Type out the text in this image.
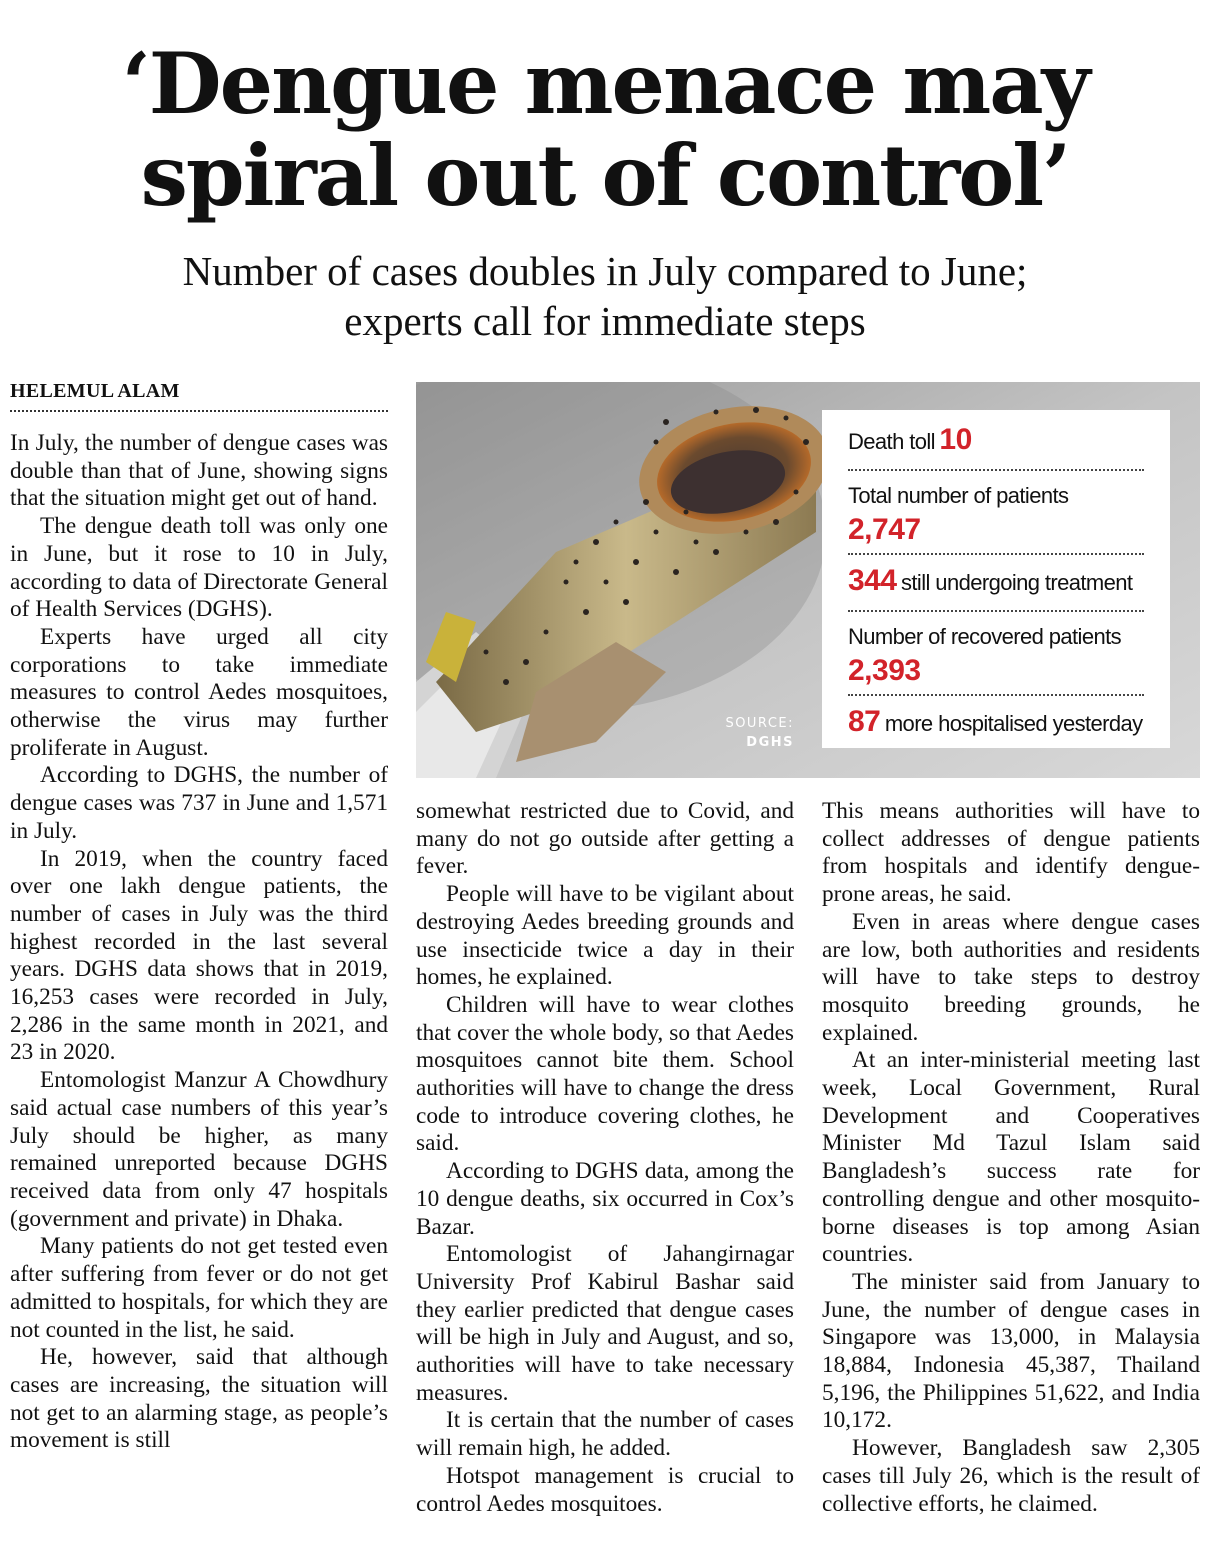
‘Dengue menace may
spiral out of control’
Number of cases doubles in July compared to June;
experts call for immediate steps
HELEMUL ALAM
SOURCE:
DGHS
Death toll 10
Total number of patients
2,747
344 still undergoing treatment
Number of recovered patients
2,393
87 more hospitalised yesterday

In July, the number of dengue cases was double than that of June, showing signs that the situation might get out of hand.

The dengue death toll was only one in June, but it rose to 10 in July, according to data of Directorate General of Health Services (DGHS).

Experts have urged all city corporations to take immediate measures to control Aedes mosquitoes, otherwise the virus may further proliferate in August.

According to DGHS, the number of dengue cases was 737 in June and 1,571 in July.

In 2019, when the country faced over one lakh dengue patients, the number of cases in July was the third highest recorded in the last several years. DGHS data shows that in 2019, 16,253 cases were recorded in July, 2,286 in the same month in 2021, and 23 in 2020.

Entomologist Manzur A Chowdhury said actual case numbers of this year’s July should be higher, as many remained unreported because DGHS received data from only 47 hospitals (government and private) in Dhaka.

Many patients do not get tested even after suffering from fever or do not get admitted to hospitals, for which they are not counted in the list, he said.

He, however, said that although cases are increasing, the situation will not get to an alarming stage, as people’s movement is still

somewhat restricted due to Covid, and many do not go outside after getting a fever.

People will have to be vigilant about destroying Aedes breeding grounds and use insecticide twice a day in their homes, he explained.

Children will have to wear clothes that cover the whole body, so that Aedes mosquitoes cannot bite them. School authorities will have to change the dress code to introduce covering clothes, he said.

According to DGHS data, among the 10 dengue deaths, six occurred in Cox’s Bazar.

Entomologist of Jahangirnagar University Prof Kabirul Bashar said they earlier predicted that dengue cases will be high in July and August, and so, authorities will have to take necessary measures.

It is certain that the number of cases will remain high, he added.

Hotspot management is crucial to control Aedes mosquitoes.

This means authorities will have to collect addresses of dengue patients from hospitals and identify dengue-prone areas, he said.

Even in areas where dengue cases are low, both authorities and residents will have to take steps to destroy mosquito breeding grounds, he explained.

At an inter-ministerial meeting last week, Local Government, Rural Development and Cooperatives Minister Md Tazul Islam said Bangladesh’s success rate for controlling dengue and other mosquito-borne diseases is top among Asian countries.

The minister said from January to June, the number of dengue cases in Singapore was 13,000, in Malaysia 18,884, Indonesia 45,387, Thailand 5,196, the Philippines 51,622, and India 10,172.

However, Bangladesh saw 2,305 cases till July 26, which is the result of collective efforts, he claimed.
